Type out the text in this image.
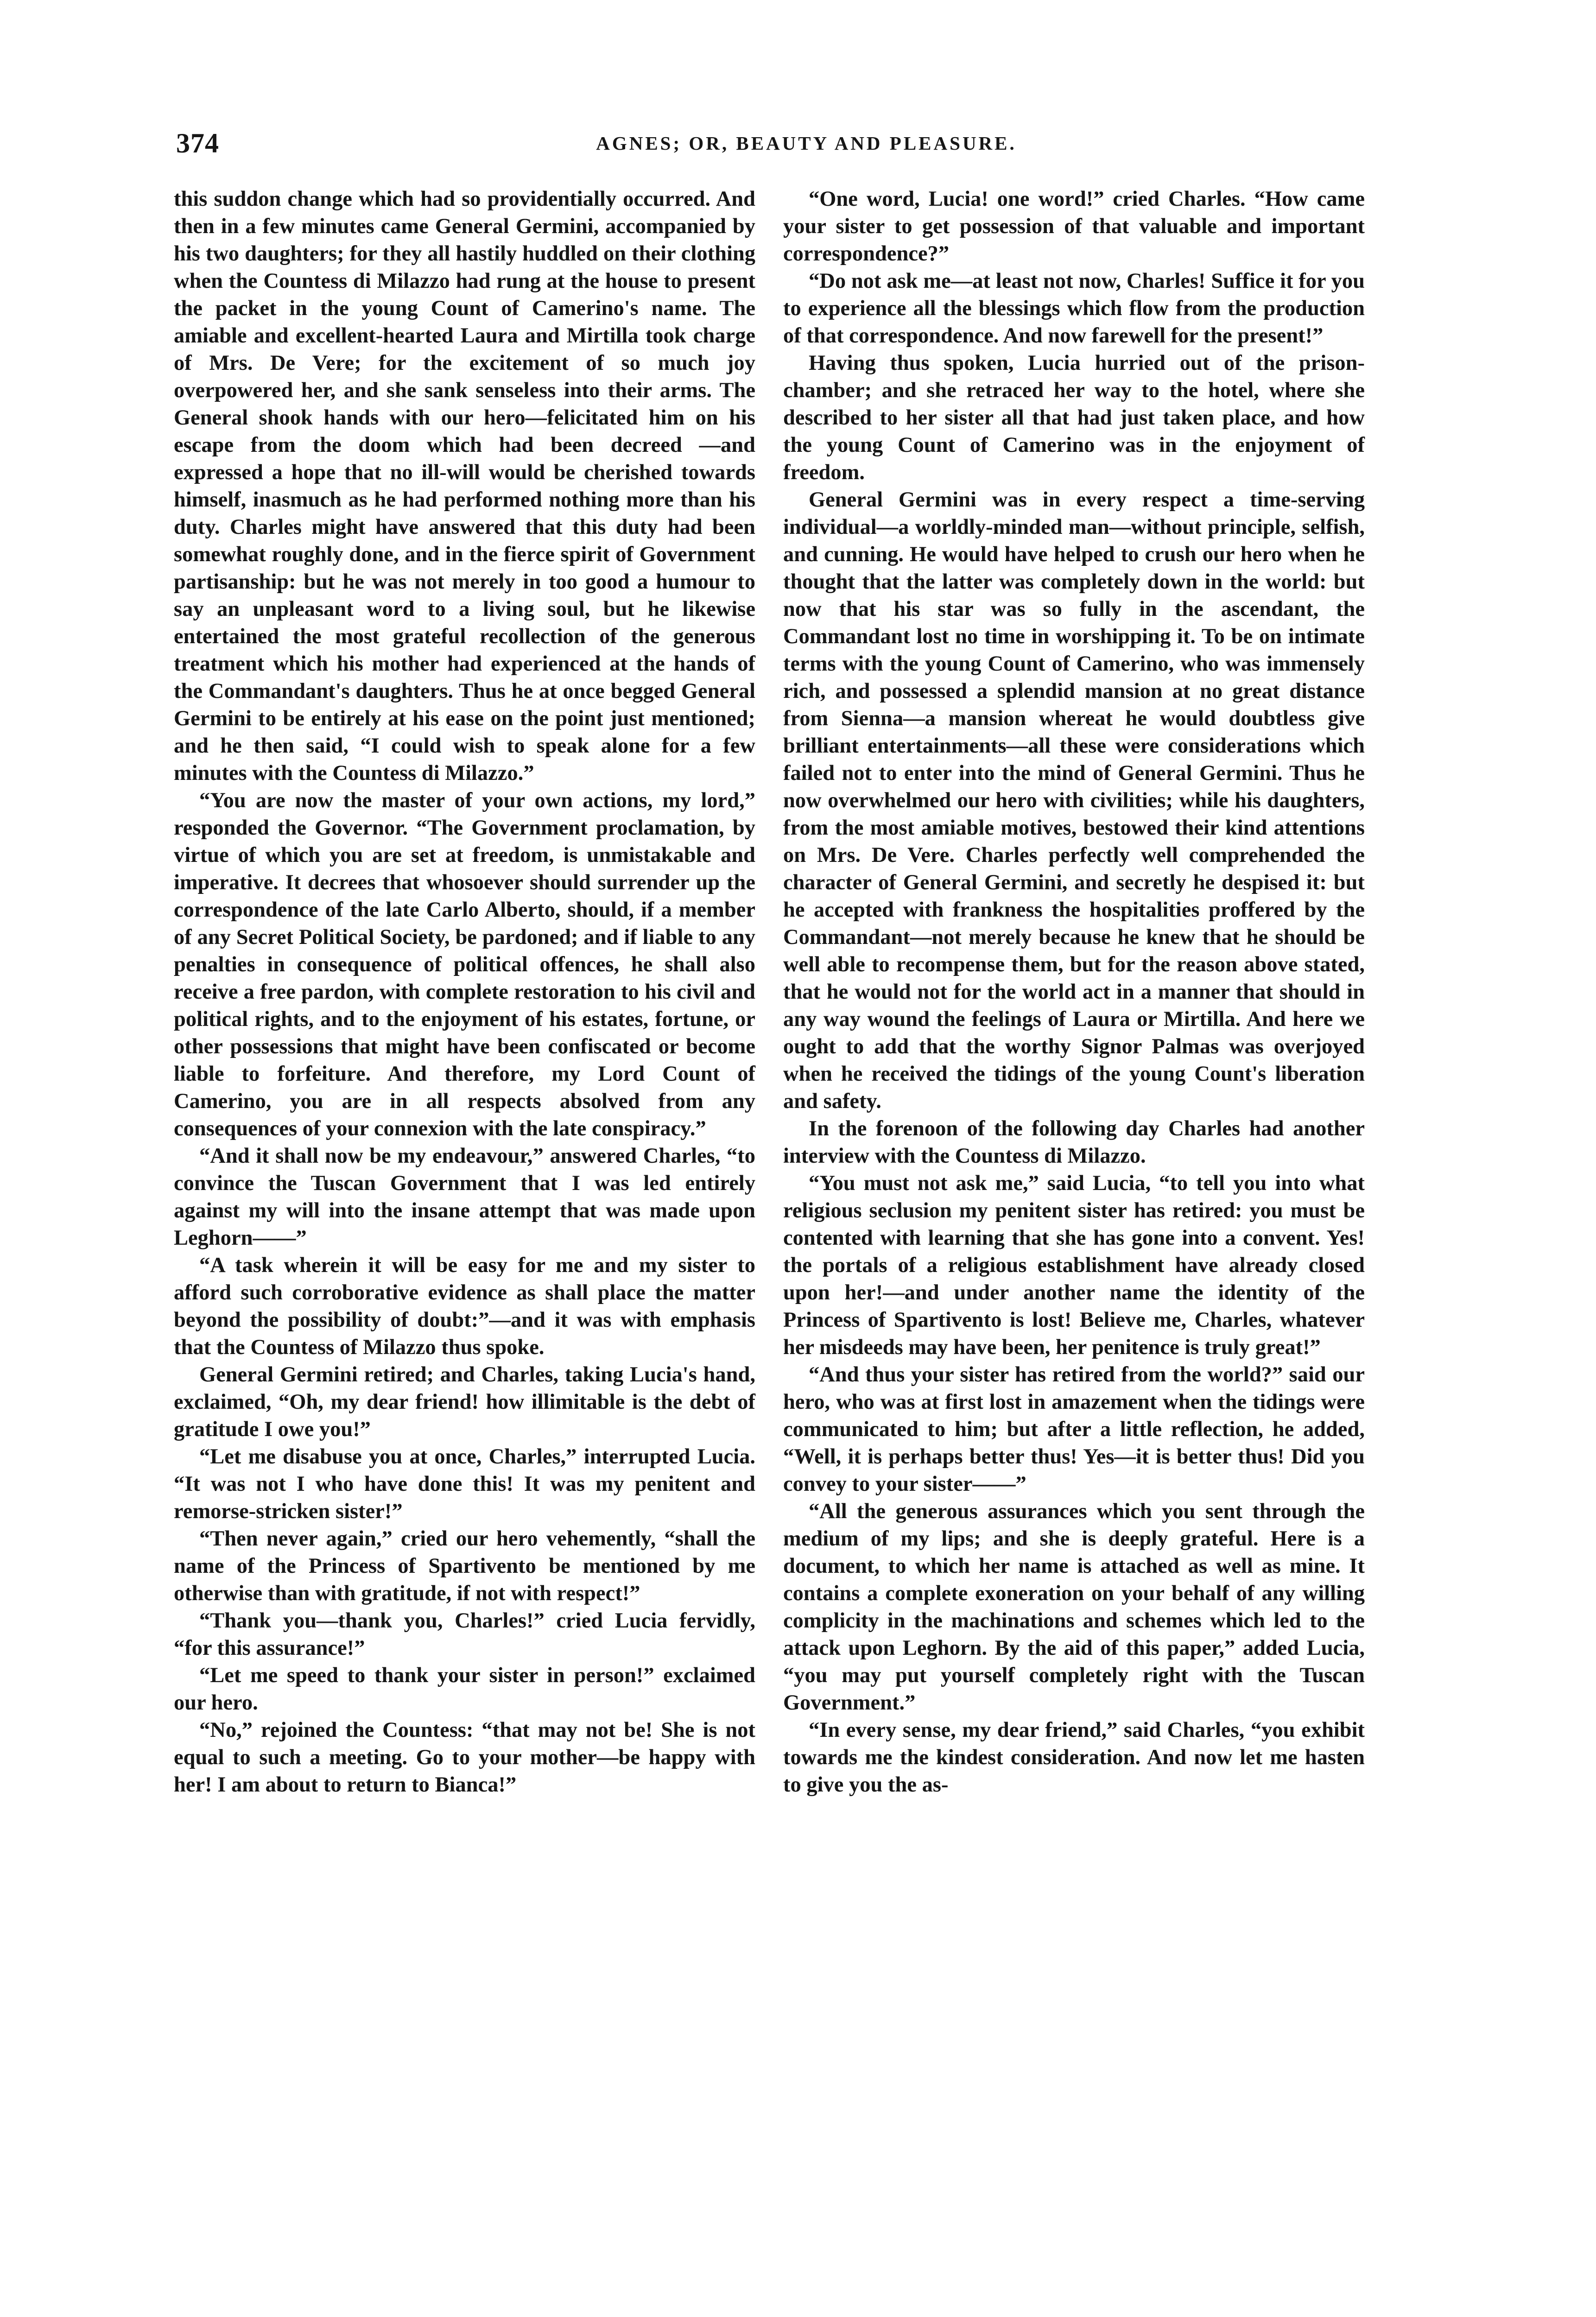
374	AGNES; OR, BEAUTY AND PLEASURE.

this suddon change which had so providentially occurred. And then in a few minutes came General Germini, accompanied by his two daughters; for they all hastily huddled on their clothing when the Countess di Milazzo had rung at the house to present the packet in the young Count of Camerino's name. The amiable and excellent-hearted Laura and Mirtilla took charge of Mrs. De Vere; for the excitement of so much joy overpowered her, and she sank senseless into their arms. The General shook hands with our hero—felicitated him on his escape from the doom which had been decreed —and expressed a hope that no ill-will would be cherished towards himself, inasmuch as he had performed nothing more than his duty. Charles might have answered that this duty had been somewhat roughly done, and in the fierce spirit of Government partisanship: but he was not merely in too good a humour to say an unpleasant word to a living soul, but he likewise entertained the most grateful recollection of the generous treatment which his mother had experienced at the hands of the Commandant's daughters. Thus he at once begged General Germini to be entirely at his ease on the point just mentioned; and he then said, “I could wish to speak alone for a few minutes with the Countess di Milazzo.”

“You are now the master of your own actions, my lord,” responded the Governor. “The Government proclamation, by virtue of which you are set at freedom, is unmistakable and imperative. It decrees that whosoever should surrender up the correspondence of the late Carlo Alberto, should, if a member of any Secret Political Society, be pardoned; and if liable to any penalties in consequence of political offences, he shall also receive a free pardon, with complete restoration to his civil and political rights, and to the enjoyment of his estates, fortune, or other possessions that might have been confiscated or become liable to forfeiture. And therefore, my Lord Count of Camerino, you are in all respects absolved from any consequences of your connexion with the late conspiracy.”

“And it shall now be my endeavour,” answered Charles, “to convince the Tuscan Government that I was led entirely against my will into the insane attempt that was made upon Leghorn——”

“A task wherein it will be easy for me and my sister to afford such corroborative evidence as shall place the matter beyond the possibility of doubt:”—and it was with emphasis that the Countess of Milazzo thus spoke.

General Germini retired; and Charles, taking Lucia's hand, exclaimed, “Oh, my dear friend! how illimitable is the debt of gratitude I owe you!”

“Let me disabuse you at once, Charles,” interrupted Lucia. “It was not I who have done this! It was my penitent and remorse-stricken sister!”

“Then never again,” cried our hero vehemently, “shall the name of the Princess of Spartivento be mentioned by me otherwise than with gratitude, if not with respect!”

“Thank you—thank you, Charles!” cried Lucia fervidly, “for this assurance!”

“Let me speed to thank your sister in person!” exclaimed our hero.

“No,” rejoined the Countess: “that may not be! She is not equal to such a meeting. Go to your mother—be happy with her! I am about to return to Bianca!”

“One word, Lucia! one word!” cried Charles. “How came your sister to get possession of that valuable and important correspondence?”

“Do not ask me—at least not now, Charles! Suffice it for you to experience all the blessings which flow from the production of that correspondence. And now farewell for the present!”

Having thus spoken, Lucia hurried out of the prison-chamber; and she retraced her way to the hotel, where she described to her sister all that had just taken place, and how the young Count of Camerino was in the enjoyment of freedom.

General Germini was in every respect a time-serving individual—a worldly-minded man—without principle, selfish, and cunning. He would have helped to crush our hero when he thought that the latter was completely down in the world: but now that his star was so fully in the ascendant, the Commandant lost no time in worshipping it. To be on intimate terms with the young Count of Camerino, who was immensely rich, and possessed a splendid mansion at no great distance from Sienna—a mansion whereat he would doubtless give brilliant entertainments—all these were considerations which failed not to enter into the mind of General Germini. Thus he now overwhelmed our hero with civilities; while his daughters, from the most amiable motives, bestowed their kind attentions on Mrs. De Vere. Charles perfectly well comprehended the character of General Germini, and secretly he despised it: but he accepted with frankness the hospitalities proffered by the Commandant—not merely because he knew that he should be well able to recompense them, but for the reason above stated, that he would not for the world act in a manner that should in any way wound the feelings of Laura or Mirtilla. And here we ought to add that the worthy Signor Palmas was overjoyed when he received the tidings of the young Count's liberation and safety.

In the forenoon of the following day Charles had another interview with the Countess di Milazzo.

“You must not ask me,” said Lucia, “to tell you into what religious seclusion my penitent sister has retired: you must be contented with learning that she has gone into a convent. Yes! the portals of a religious establishment have already closed upon her!—and under another name the identity of the Princess of Spartivento is lost! Believe me, Charles, whatever her misdeeds may have been, her penitence is truly great!”

“And thus your sister has retired from the world?” said our hero, who was at first lost in amazement when the tidings were communicated to him; but after a little reflection, he added, “Well, it is perhaps better thus! Yes—it is better thus! Did you convey to your sister——”

“All the generous assurances which you sent through the medium of my lips; and she is deeply grateful. Here is a document, to which her name is attached as well as mine. It contains a complete exoneration on your behalf of any willing complicity in the machinations and schemes which led to the attack upon Leghorn. By the aid of this paper,” added Lucia, “you may put yourself completely right with the Tuscan Government.”

“In every sense, my dear friend,” said Charles, “you exhibit towards me the kindest consideration. And now let me hasten to give you the as-
